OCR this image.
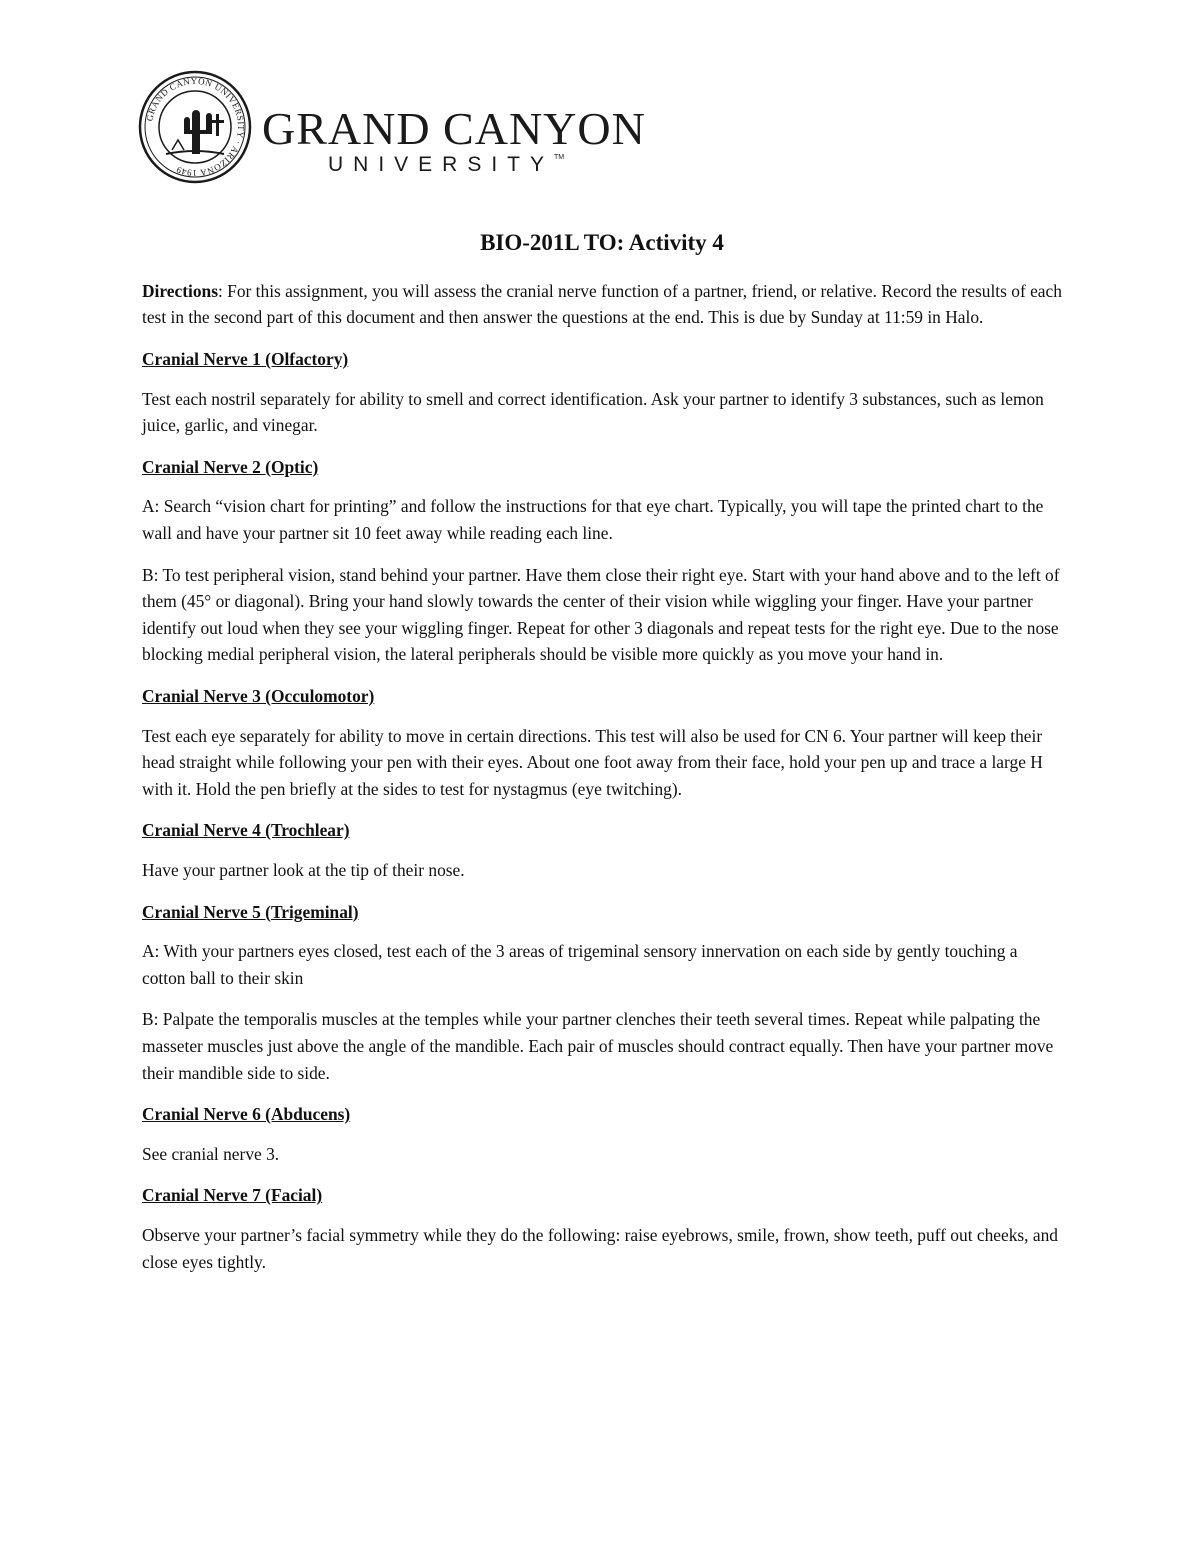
GRAND CANYON UNIVERSITY · ARIZONA 1949
GRAND CANYON
UNIVERSITY™
BIO-201L TO: Activity 4

Directions: For this assignment, you will assess the cranial nerve function of a partner, friend, or relative. Record the results of each test in the second part of this document and then answer the questions at the end. This is due by Sunday at 11:59 in Halo.

Cranial Nerve 1 (Olfactory)

Test each nostril separately for ability to smell and correct identification. Ask your partner to identify 3 substances, such as lemon juice, garlic, and vinegar.

Cranial Nerve 2 (Optic)

A: Search “vision chart for printing” and follow the instructions for that eye chart. Typically, you will tape the printed chart to the wall and have your partner sit 10 feet away while reading each line.

B: To test peripheral vision, stand behind your partner. Have them close their right eye. Start with your hand above and to the left of them (45° or diagonal). Bring your hand slowly towards the center of their vision while wiggling your finger. Have your partner identify out loud when they see your wiggling finger. Repeat for other 3 diagonals and repeat tests for the right eye. Due to the nose blocking medial peripheral vision, the lateral peripherals should be visible more quickly as you move your hand in.

Cranial Nerve 3 (Occulomotor)

Test each eye separately for ability to move in certain directions. This test will also be used for CN 6. Your partner will keep their head straight while following your pen with their eyes. About one foot away from their face, hold your pen up and trace a large H with it. Hold the pen briefly at the sides to test for nystagmus (eye twitching).

Cranial Nerve 4 (Trochlear)

Have your partner look at the tip of their nose.

Cranial Nerve 5 (Trigeminal)

A: With your partners eyes closed, test each of the 3 areas of trigeminal sensory innervation on each side by gently touching a cotton ball to their skin

B: Palpate the temporalis muscles at the temples while your partner clenches their teeth several times. Repeat while palpating the masseter muscles just above the angle of the mandible. Each pair of muscles should contract equally. Then have your partner move their mandible side to side.

Cranial Nerve 6 (Abducens)

See cranial nerve 3.

Cranial Nerve 7 (Facial)

Observe your partner’s facial symmetry while they do the following: raise eyebrows, smile, frown, show teeth, puff out cheeks, and close eyes tightly.
